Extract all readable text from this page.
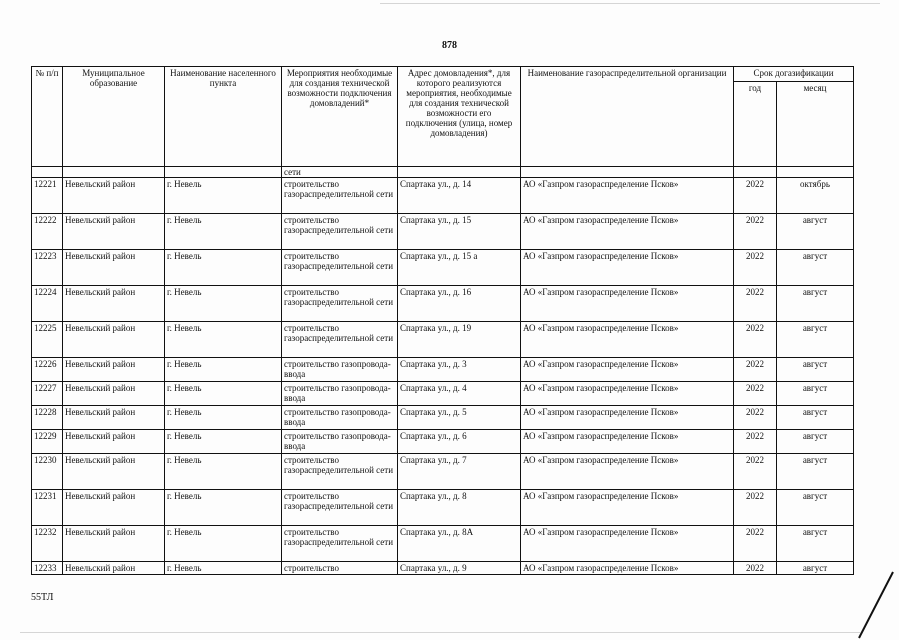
878
№ п/п	Муниципальное образование	Наименование населенного пункта	Мероприятия необходимые для создания технической возможности подключения домовладений*	Адрес домовладения*, для которого реализуются мероприятия, необходимые для создания технической возможности его подключения (улица, номер домовладения)	Наименование газораспределительной организации	Срок догазификации	
						год	месяц
			сети				
12221	Невельский район	г. Невель	строительство газораспределительной сети	Спартака ул., д. 14	АО «Газпром газораспределение Псков»	2022	октябрь
12222	Невельский район	г. Невель	строительство газораспределительной сети	Спартака ул., д. 15	АО «Газпром газораспределение Псков»	2022	август
12223	Невельский район	г. Невель	строительство газораспределительной сети	Спартака ул., д. 15 а	АО «Газпром газораспределение Псков»	2022	август
12224	Невельский район	г. Невель	строительство газораспределительной сети	Спартака ул., д. 16	АО «Газпром газораспределение Псков»	2022	август
12225	Невельский район	г. Невель	строительство газораспределительной сети	Спартака ул., д. 19	АО «Газпром газораспределение Псков»	2022	август
12226	Невельский район	г. Невель	строительство газопровода-ввода	Спартака ул., д. 3	АО «Газпром газораспределение Псков»	2022	август
12227	Невельский район	г. Невель	строительство газопровода-ввода	Спартака ул., д. 4	АО «Газпром газораспределение Псков»	2022	август
12228	Невельский район	г. Невель	строительство газопровода-ввода	Спартака ул., д. 5	АО «Газпром газораспределение Псков»	2022	август
12229	Невельский район	г. Невель	строительство газопровода-ввода	Спартака ул., д. 6	АО «Газпром газораспределение Псков»	2022	август
12230	Невельский район	г. Невель	строительство газораспределительной сети	Спартака ул., д. 7	АО «Газпром газораспределение Псков»	2022	август
12231	Невельский район	г. Невель	строительство газораспределительной сети	Спартака ул., д. 8	АО «Газпром газораспределение Псков»	2022	август
12232	Невельский район	г. Невель	строительство газораспределительной сети	Спартака ул., д. 8А	АО «Газпром газораспределение Псков»	2022	август
12233	Невельский район	г. Невель	строительство	Спартака ул., д. 9	АО «Газпром газораспределение Псков»	2022	август
55ТЛ
